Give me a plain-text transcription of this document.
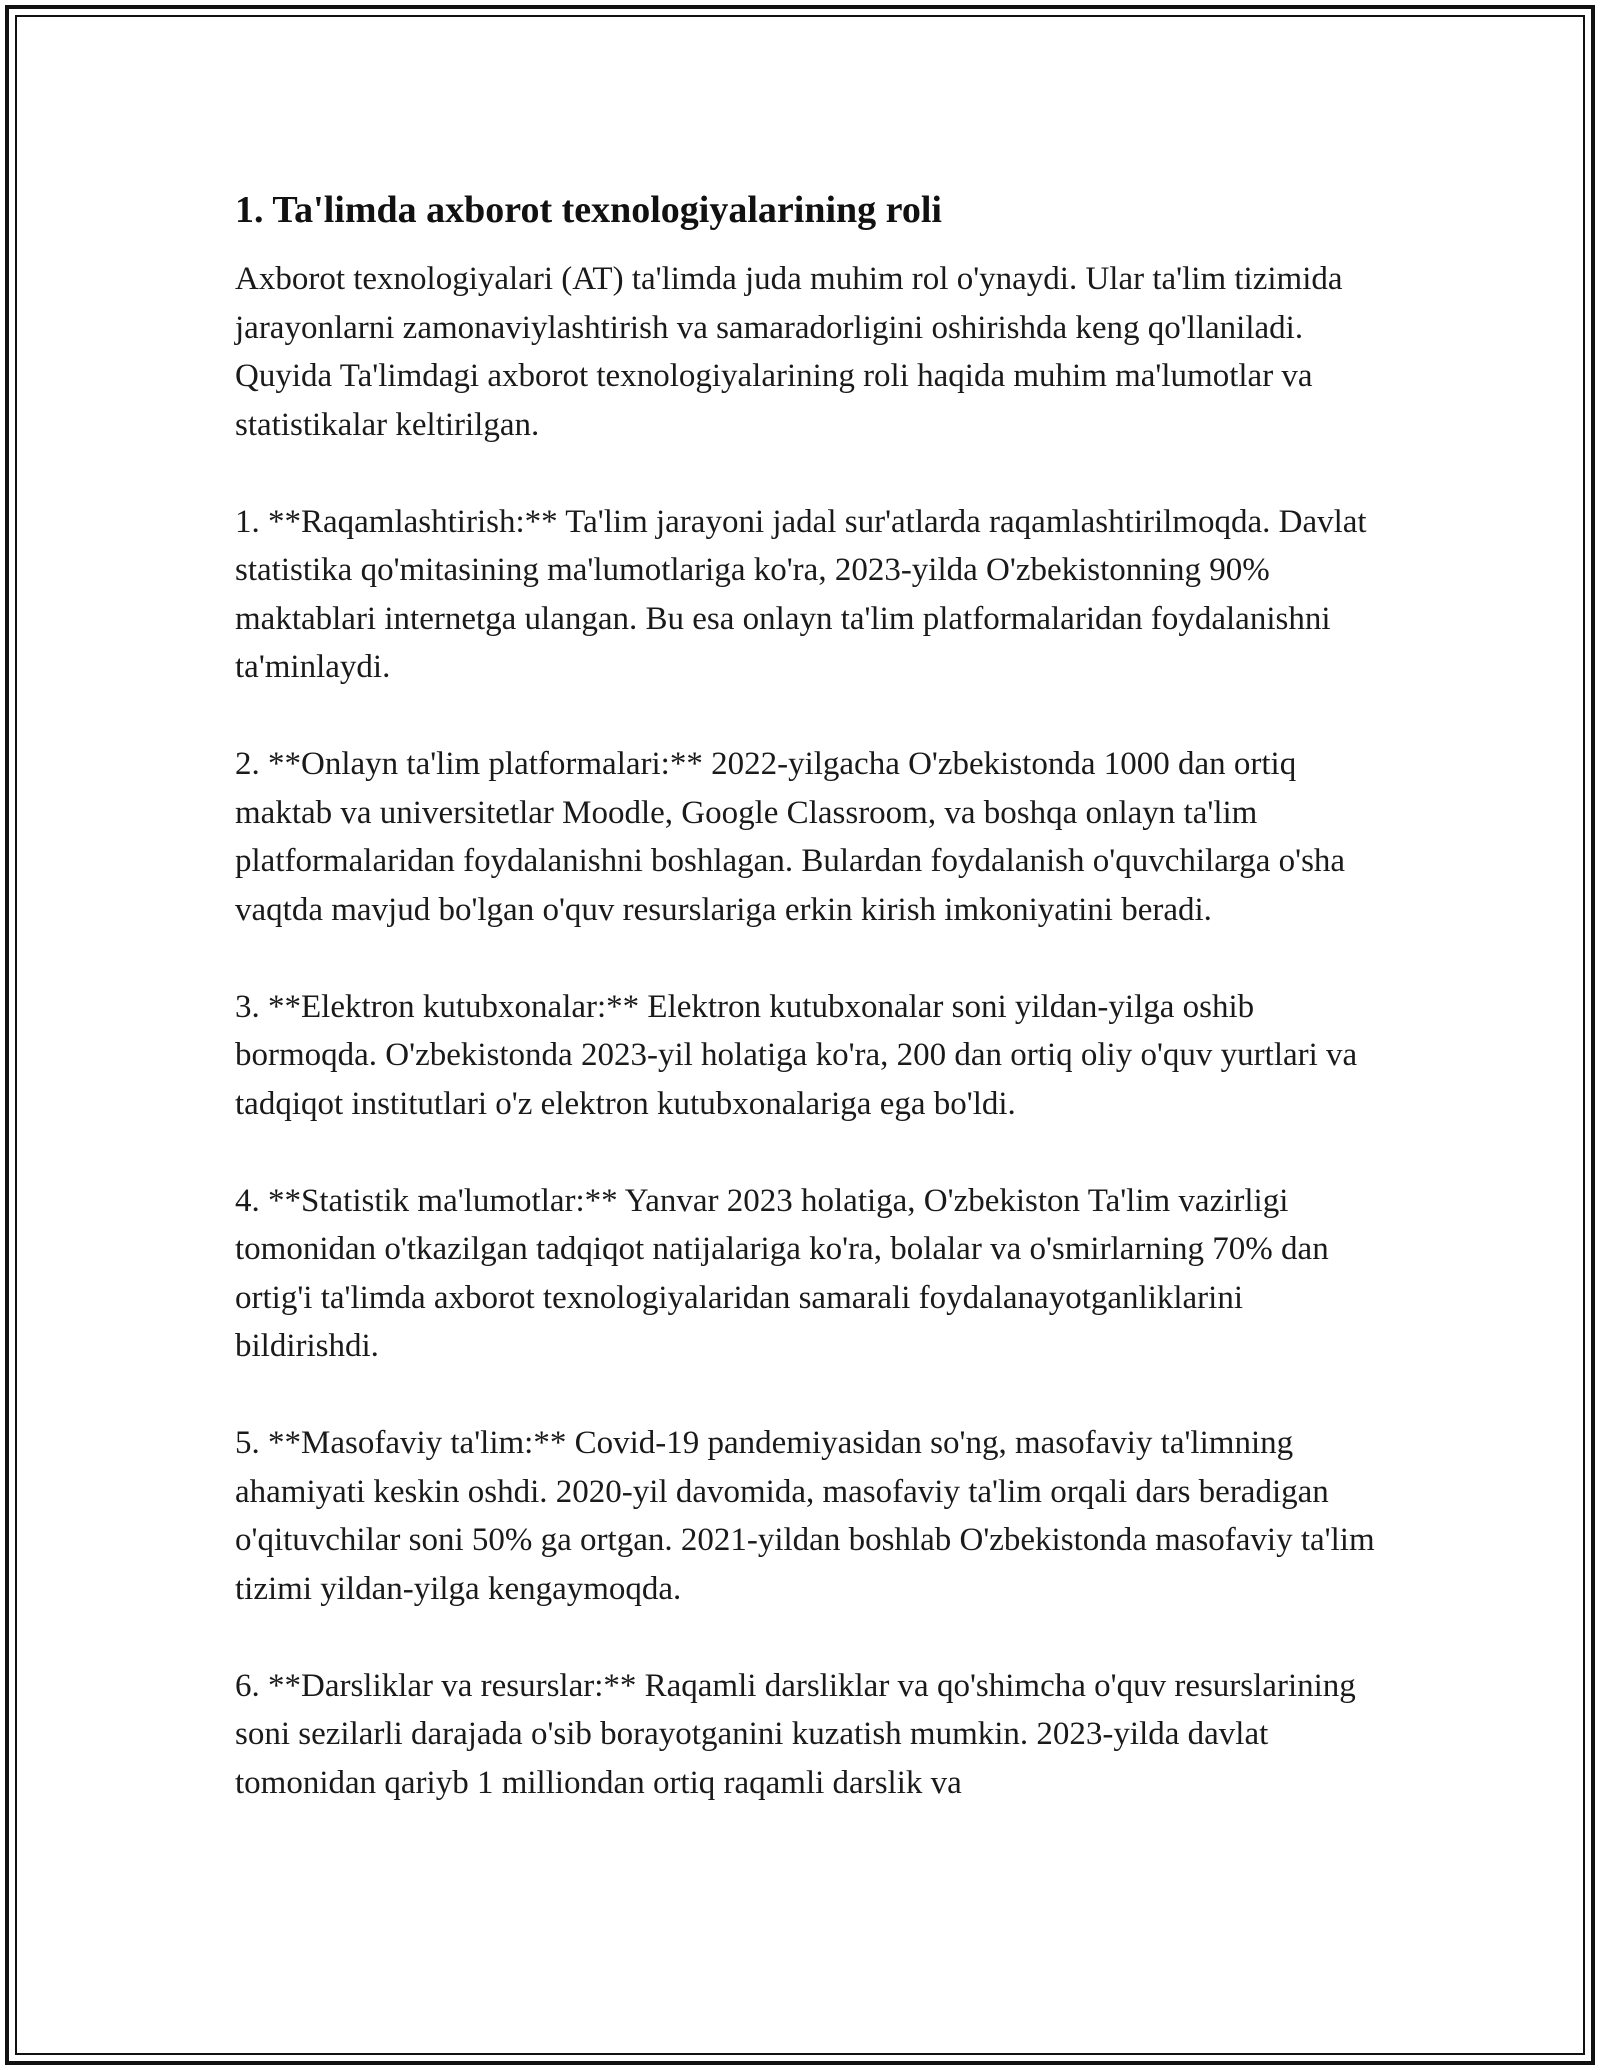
1. Ta'limda axborot texnologiyalarining roli

Axborot texnologiyalari (AT) ta'limda juda muhim rol o'ynaydi. Ular ta'lim tizimida jarayonlarni zamonaviylashtirish va samaradorligini oshirishda keng qo'llaniladi. Quyida Ta'limdagi axborot texnologiyalarining roli haqida muhim ma'lumotlar va statistikalar keltirilgan.

1. **Raqamlashtirish:** Ta'lim jarayoni jadal sur'atlarda raqamlashtirilmoqda. Davlat statistika qo'mitasining ma'lumotlariga ko'ra, 2023-yilda O'zbekistonning 90% maktablari internetga ulangan. Bu esa onlayn ta'lim platformalaridan foydalanishni ta'minlaydi.

2. **Onlayn ta'lim platformalari:** 2022-yilgacha O'zbekistonda 1000 dan ortiq maktab va universitetlar Moodle, Google Classroom, va boshqa onlayn ta'lim platformalaridan foydalanishni boshlagan. Bulardan foydalanish o'quvchilarga o'sha vaqtda mavjud bo'lgan o'quv resurslariga erkin kirish imkoniyatini beradi.

3. **Elektron kutubxonalar:** Elektron kutubxonalar soni yildan-yilga oshib bormoqda. O'zbekistonda 2023-yil holatiga ko'ra, 200 dan ortiq oliy o'quv yurtlari va tadqiqot institutlari o'z elektron kutubxonalariga ega bo'ldi.

4. **Statistik ma'lumotlar:** Yanvar 2023 holatiga, O'zbekiston Ta'lim vazirligi tomonidan o'tkazilgan tadqiqot natijalariga ko'ra, bolalar va o'smirlarning 70% dan ortig'i ta'limda axborot texnologiyalaridan samarali foydalanayotganliklarini bildirishdi.

5. **Masofaviy ta'lim:** Covid-19 pandemiyasidan so'ng, masofaviy ta'limning ahamiyati keskin oshdi. 2020-yil davomida, masofaviy ta'lim orqali dars beradigan o'qituvchilar soni 50% ga ortgan. 2021-yildan boshlab O'zbekistonda masofaviy ta'lim tizimi yildan-yilga kengaymoqda.

6. **Darsliklar va resurslar:** Raqamli darsliklar va qo'shimcha o'quv resurslarining soni sezilarli darajada o'sib borayotganini kuzatish mumkin. 2023-yilda davlat tomonidan qariyb 1 milliondan ortiq raqamli darslik va
